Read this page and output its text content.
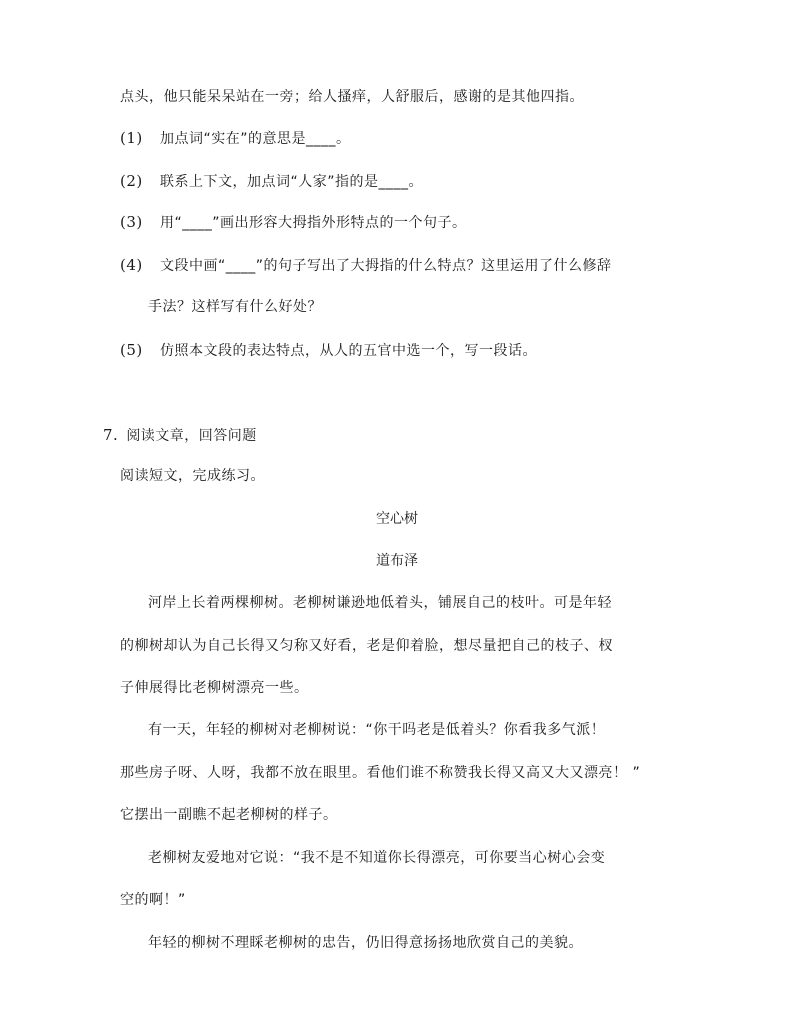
点头，他只能呆呆站在一旁；给人搔痒，人舒服后，感谢的是其他四指。
(1) 加点词“实在”的意思是____。
(2) 联系上下文，加点词“人家”指的是____。
(3) 用“____”画出形容大拇指外形特点的一个句子。
(4) 文段中画“____”的句子写出了大拇指的什么特点？这里运用了什么修辞
手法？这样写有什么好处？
(5) 仿照本文段的表达特点，从人的五官中选一个，写一段话。
7. 阅读文章，回答问题
阅读短文，完成练习。
空心树
道布泽
河岸上长着两棵柳树。老柳树谦逊地低着头，铺展自己的枝叶。可是年轻
的柳树却认为自己长得又匀称又好看，老是仰着脸，想尽量把自己的枝子、杈
子伸展得比老柳树漂亮一些。
有一天，年轻的柳树对老柳树说：“你干吗老是低着头？你看我多气派！
那些房子呀、人呀，我都不放在眼里。看他们谁不称赞我长得又高又大又漂亮！ ”
它摆出一副瞧不起老柳树的样子。
老柳树友爱地对它说：“我不是不知道你长得漂亮，可你要当心树心会变
空的啊！”
年轻的柳树不理睬老柳树的忠告，仍旧得意扬扬地欣赏自己的美貌。
